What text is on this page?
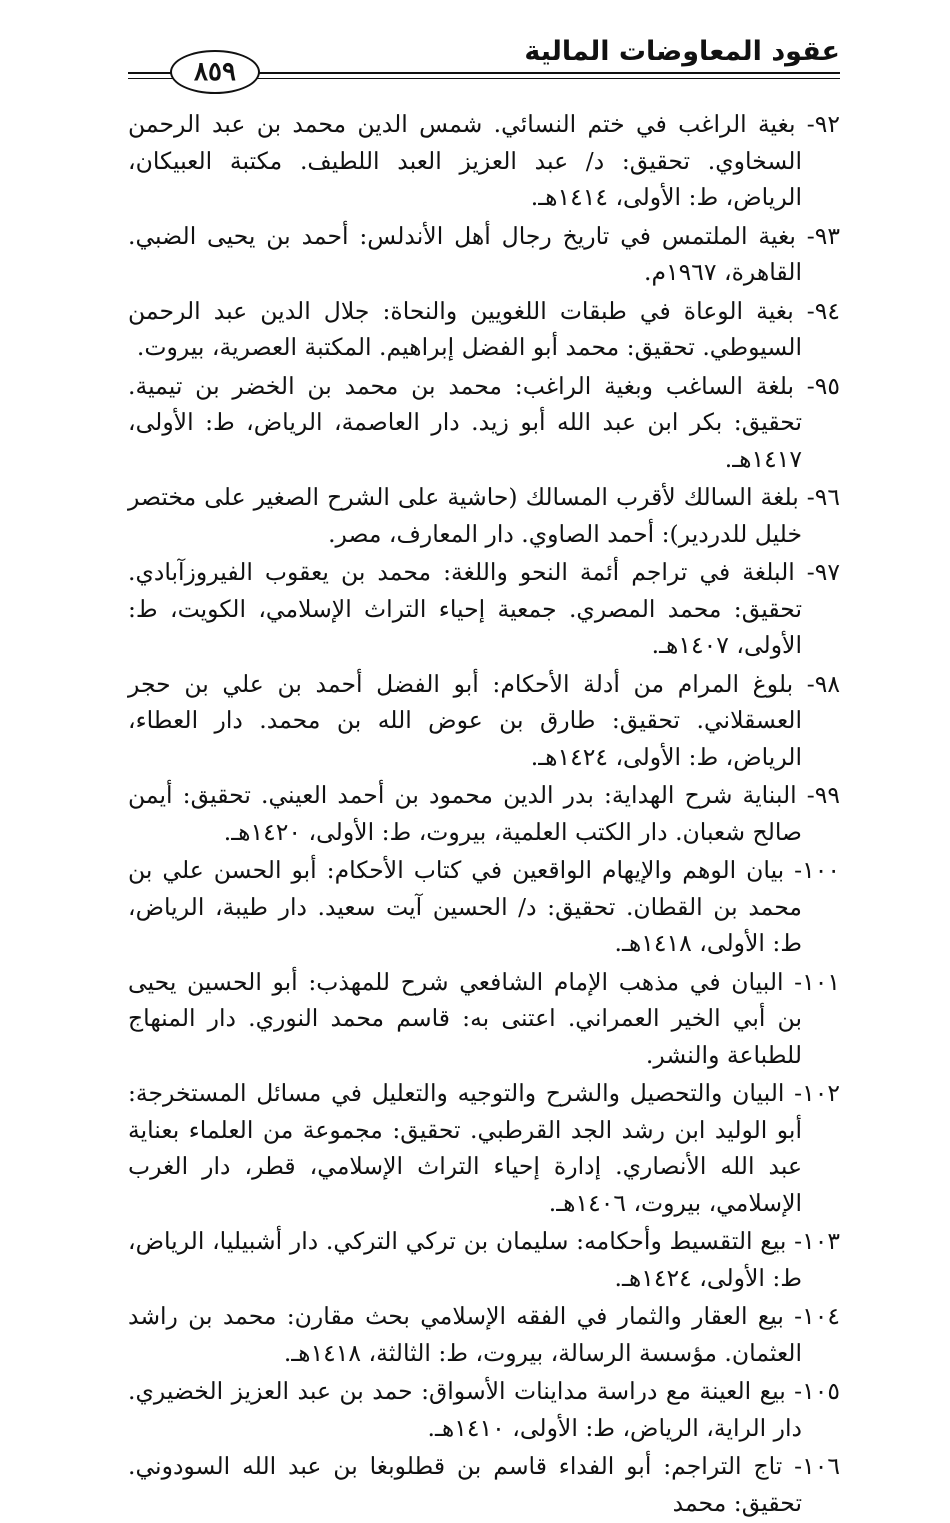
عقود المعاوضات المالية
٨٥٩

٩٢- بغية الراغب في ختم النسائي. شمس الدين محمد بن عبد الرحمن السخاوي. تحقيق: د/ عبد العزيز العبد اللطيف. مكتبة العبيكان، الرياض، ط: الأولى، ١٤١٤هـ.

٩٣- بغية الملتمس في تاريخ رجال أهل الأندلس: أحمد بن يحيى الضبي. القاهرة، ١٩٦٧م.

٩٤- بغية الوعاة في طبقات اللغويين والنحاة: جلال الدين عبد الرحمن السيوطي. تحقيق: محمد أبو الفضل إبراهيم. المكتبة العصرية، بيروت.

٩٥- بلغة الساغب وبغية الراغب: محمد بن محمد بن الخضر بن تيمية. تحقيق: بكر ابن عبد الله أبو زيد. دار العاصمة، الرياض، ط: الأولى، ١٤١٧هـ.

٩٦- بلغة السالك لأقرب المسالك (حاشية على الشرح الصغير على مختصر خليل للدردير): أحمد الصاوي. دار المعارف، مصر.

٩٧- البلغة في تراجم أئمة النحو واللغة: محمد بن يعقوب الفيروزآبادي. تحقيق: محمد المصري. جمعية إحياء التراث الإسلامي، الكويت، ط: الأولى، ١٤٠٧هـ.

٩٨- بلوغ المرام من أدلة الأحكام: أبو الفضل أحمد بن علي بن حجر العسقلاني. تحقيق: طارق بن عوض الله بن محمد. دار العطاء، الرياض، ط: الأولى، ١٤٢٤هـ.

٩٩- البناية شرح الهداية: بدر الدين محمود بن أحمد العيني. تحقيق: أيمن صالح شعبان. دار الكتب العلمية، بيروت، ط: الأولى، ١٤٢٠هـ.

١٠٠- بيان الوهم والإيهام الواقعين في كتاب الأحكام: أبو الحسن علي بن محمد بن القطان. تحقيق: د/ الحسين آيت سعيد. دار طيبة، الرياض، ط: الأولى، ١٤١٨هـ.

١٠١- البيان في مذهب الإمام الشافعي شرح للمهذب: أبو الحسين يحيى بن أبي الخير العمراني. اعتنى به: قاسم محمد النوري. دار المنهاج للطباعة والنشر.

١٠٢- البيان والتحصيل والشرح والتوجيه والتعليل في مسائل المستخرجة: أبو الوليد ابن رشد الجد القرطبي. تحقيق: مجموعة من العلماء بعناية عبد الله الأنصاري. إدارة إحياء التراث الإسلامي، قطر، دار الغرب الإسلامي، بيروت، ١٤٠٦هـ.

١٠٣- بيع التقسيط وأحكامه: سليمان بن تركي التركي. دار أشبيليا، الرياض، ط: الأولى، ١٤٢٤هـ.

١٠٤- بيع العقار والثمار في الفقه الإسلامي بحث مقارن: محمد بن راشد العثمان. مؤسسة الرسالة، بيروت، ط: الثالثة، ١٤١٨هـ.

١٠٥- بيع العينة مع دراسة مداينات الأسواق: حمد بن عبد العزيز الخضيري. دار الراية، الرياض، ط: الأولى، ١٤١٠هـ.

١٠٦- تاج التراجم: أبو الفداء قاسم بن قطلوبغا بن عبد الله السودوني. تحقيق: محمد
